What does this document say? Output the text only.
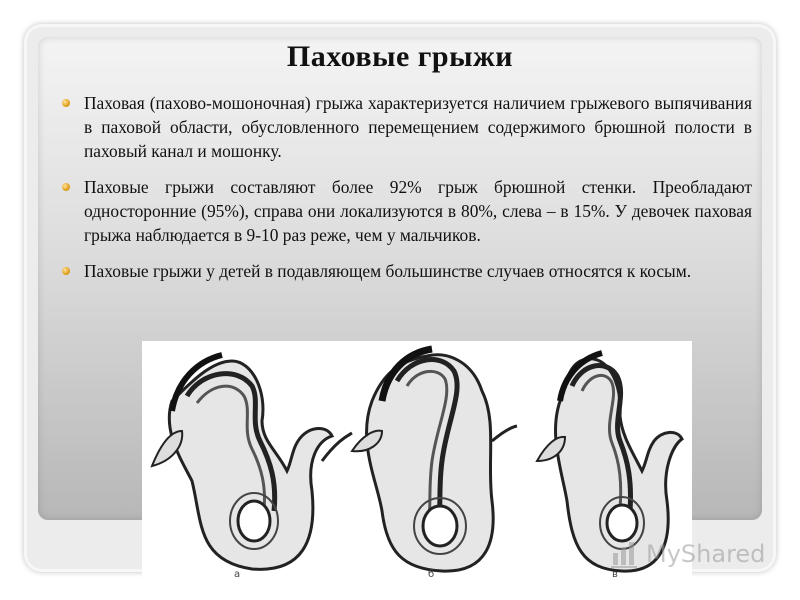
Паховые грыжи
Паховая (пахово-мошоночная) грыжа характеризуется наличием грыжевого выпячивания в паховой области, обусловленного перемещением содержимого брюшной полости в паховый канал и мошонку.
Паховые грыжи составляют более 92% грыж брюшной стенки. Преобладают односторонние (95%), справа они локализуются в 80%, слева – в 15%. У девочек паховая грыжа наблюдается в 9-10 раз реже, чем у мальчиков.
Паховые грыжи у детей в подавляющем большинстве случаев относятся к косым.
а	б	в
MyShared
